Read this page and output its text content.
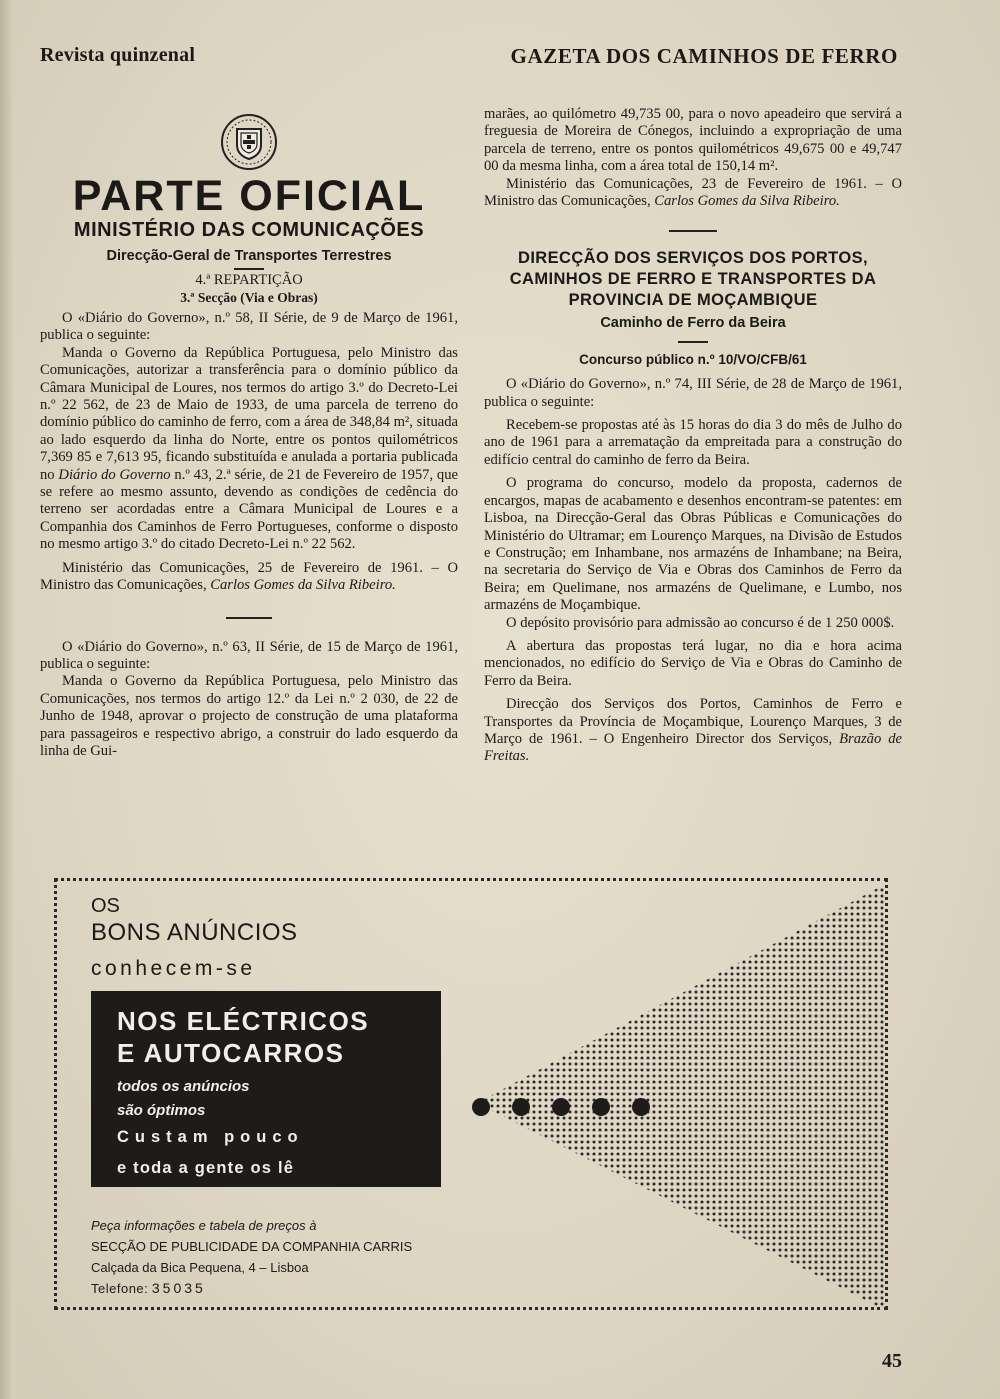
Revista quinzenal	GAZETA DOS CAMINHOS DE FERRO
PARTE OFICIAL
MINISTÉRIO DAS COMUNICAÇÕES
Direcção-Geral de Transportes Terrestres
4.ª REPARTIÇÃO
3.ª Secção (Via e Obras)

O «Diário do Governo», n.º 58, II Série, de 9 de Março de 1961, publica o seguinte:

Manda o Governo da República Portuguesa, pelo Ministro das Comunicações, autorizar a transferência para o domínio público da Câmara Municipal de Loures, nos termos do artigo 3.º do Decreto-Lei n.º 22 562, de 23 de Maio de 1933, de uma parcela de terreno do domínio público do caminho de ferro, com a área de 348,84 m², situada ao lado esquerdo da linha do Norte, entre os pontos quilométricos 7,369 85 e 7,613 95, ficando substituída e anulada a portaria publicada no Diário do Governo n.º 43, 2.ª série, de 21 de Fevereiro de 1957, que se refere ao mesmo assunto, devendo as condições de cedência do terreno ser acordadas entre a Câmara Municipal de Loures e a Companhia dos Caminhos de Ferro Portugueses, conforme o disposto no mesmo artigo 3.º do citado Decreto-Lei n.º 22 562.

Ministério das Comunicações, 25 de Fevereiro de 1961. – O Ministro das Comunicações, Carlos Gomes da Silva Ribeiro.

O «Diário do Governo», n.º 63, II Série, de 15 de Março de 1961, publica o seguinte:

Manda o Governo da República Portuguesa, pelo Ministro das Comunicações, nos termos do artigo 12.º da Lei n.º 2 030, de 22 de Junho de 1948, aprovar o projecto de construção de uma plataforma para passageiros e respectivo abrigo, a construir do lado esquerdo da linha de Gui-

marães, ao quilómetro 49,735 00, para o novo apeadeiro que servirá a freguesia de Moreira de Cónegos, incluindo a expropriação de uma parcela de terreno, entre os pontos quilométricos 49,675 00 e 49,747 00 da mesma linha, com a área total de 150,14 m².

Ministério das Comunicações, 23 de Fevereiro de 1961. – O Ministro das Comunicações, Carlos Gomes da Silva Ribeiro.

DIRECÇÃO DOS SERVIÇOS DOS PORTOS, CAMINHOS DE FERRO E TRANSPORTES DA PROVINCIA DE MOÇAMBIQUE
Caminho de Ferro da Beira
Concurso público n.º 10/VO/CFB/61

O «Diário do Governo», n.º 74, III Série, de 28 de Março de 1961, publica o seguinte:

Recebem-se propostas até às 15 horas do dia 3 do mês de Julho do ano de 1961 para a arrematação da empreitada para a construção do edifício central do caminho de ferro da Beira.

O programa do concurso, modelo da proposta, cadernos de encargos, mapas de acabamento e desenhos encontram-se patentes: em Lisboa, na Direcção-Geral das Obras Públicas e Comunicações do Ministério do Ultramar; em Lourenço Marques, na Divisão de Estudos e Construção; em Inhambane, nos armazéns de Inhambane; na Beira, na secretaria do Serviço de Via e Obras dos Caminhos de Ferro da Beira; em Quelimane, nos armazéns de Quelimane, e Lumbo, nos armazéns de Moçambique.

O depósito provisório para admissão ao concurso é de 1 250 000$.

A abertura das propostas terá lugar, no dia e hora acima mencionados, no edifício do Serviço de Via e Obras do Caminho de Ferro da Beira.

Direcção dos Serviços dos Portos, Caminhos de Ferro e Transportes da Província de Moçambique, Lourenço Marques, 3 de Março de 1961. – O Engenheiro Director dos Serviços, Brazão de Freitas.

OS
BONS ANÚNCIOS
conhecem-se
NOS ELÉCTRICOS
E AUTOCARROS
todos os anúncios
são óptimos
Custam pouco
e toda a gente os lê
Peça informações e tabela de preços à
SECÇÃO DE PUBLICIDADE DA COMPANHIA CARRIS
Calçada da Bica Pequena, 4 – Lisboa
Telefone: 35035
45
